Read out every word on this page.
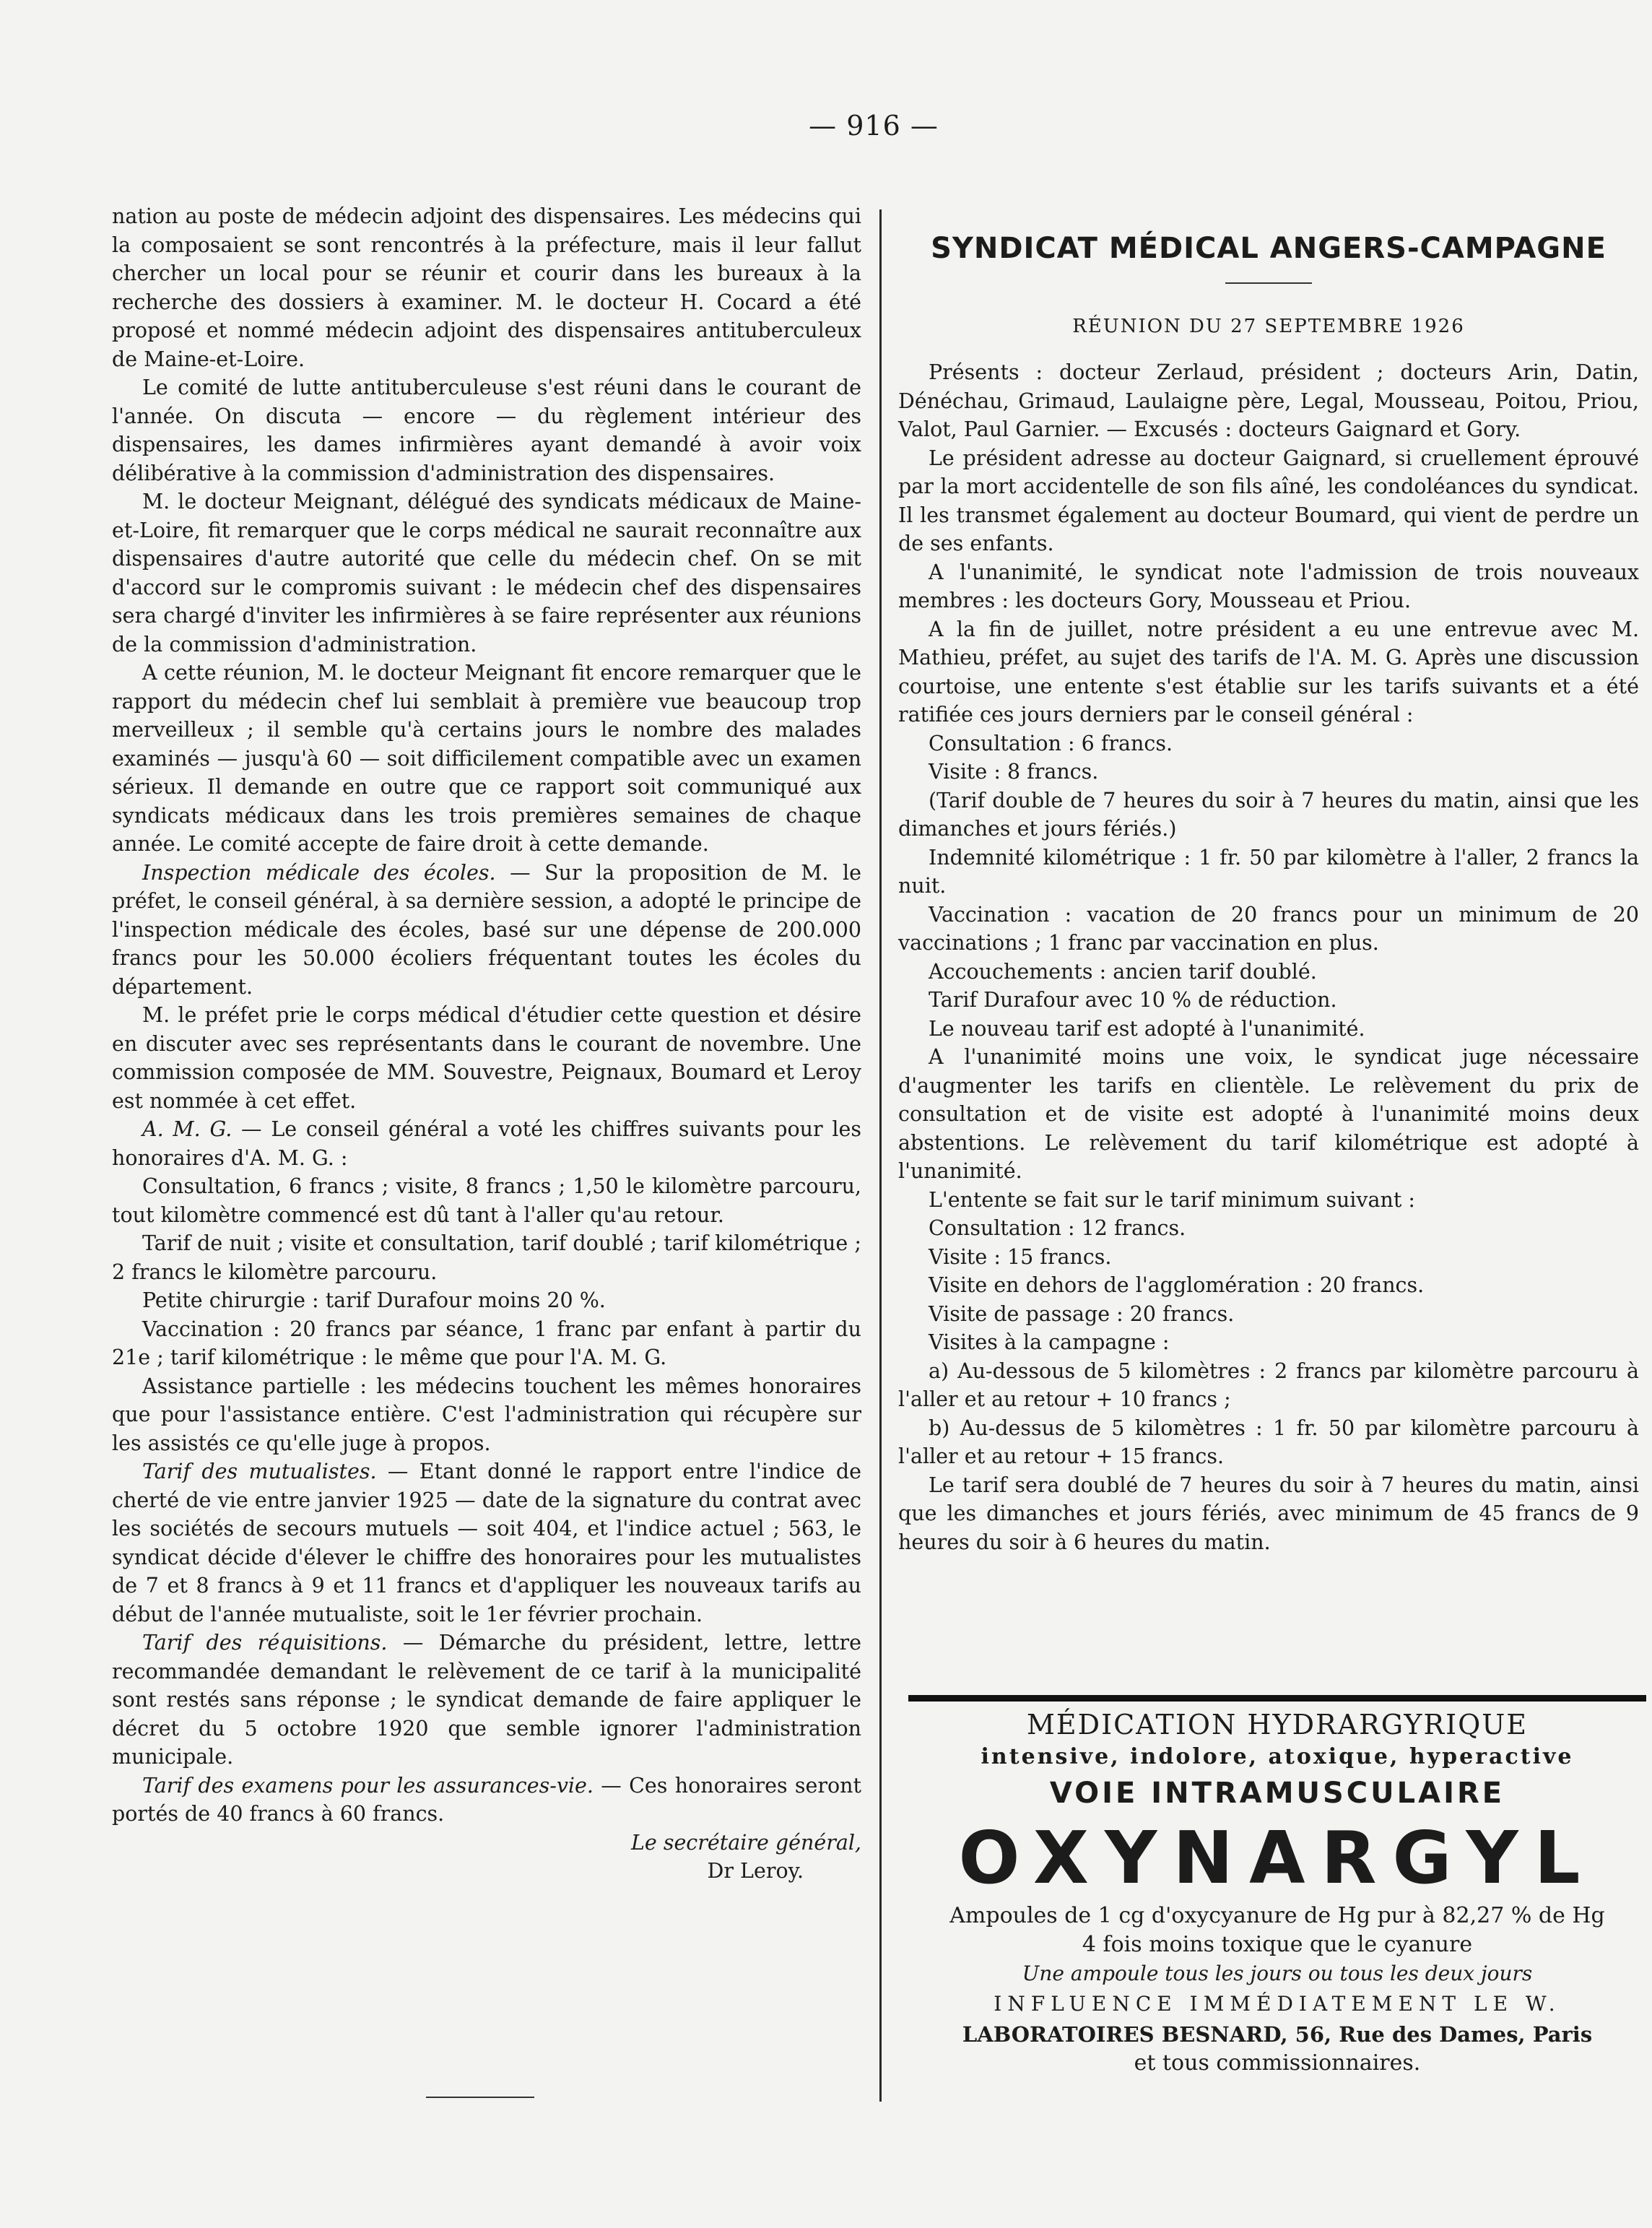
— 916 —

nation au poste de médecin adjoint des dispensaires. Les médecins qui la composaient se sont rencontrés à la préfecture, mais il leur fallut chercher un local pour se réunir et courir dans les bureaux à la recherche des dossiers à examiner. M. le docteur H. Cocard a été proposé et nommé médecin adjoint des dispensaires antituberculeux de Maine-et-Loire.

Le comité de lutte antituberculeuse s'est réuni dans le courant de l'année. On discuta — encore — du règlement intérieur des dispensaires, les dames infirmières ayant demandé à avoir voix délibérative à la commission d'administration des dispensaires.

M. le docteur Meignant, délégué des syndicats médicaux de Maine-et-Loire, fit remarquer que le corps médical ne saurait reconnaître aux dispensaires d'autre autorité que celle du médecin chef. On se mit d'accord sur le compromis suivant : le médecin chef des dispensaires sera chargé d'inviter les infirmières à se faire représenter aux réunions de la commission d'administration.

A cette réunion, M. le docteur Meignant fit encore remarquer que le rapport du médecin chef lui semblait à première vue beaucoup trop merveilleux ; il semble qu'à certains jours le nombre des malades examinés — jusqu'à 60 — soit difficilement compatible avec un examen sérieux. Il demande en outre que ce rapport soit communiqué aux syndicats médicaux dans les trois premières semaines de chaque année. Le comité accepte de faire droit à cette demande.

Inspection médicale des écoles. — Sur la proposition de M. le préfet, le conseil général, à sa dernière session, a adopté le principe de l'inspection médicale des écoles, basé sur une dépense de 200.000 francs pour les 50.000 écoliers fréquentant toutes les écoles du département.

M. le préfet prie le corps médical d'étudier cette question et désire en discuter avec ses représentants dans le courant de novembre. Une commission composée de MM. Souvestre, Peignaux, Boumard et Leroy est nommée à cet effet.

A. M. G. — Le conseil général a voté les chiffres suivants pour les honoraires d'A. M. G. :

Consultation, 6 francs ; visite, 8 francs ; 1,50 le kilomètre parcouru, tout kilomètre commencé est dû tant à l'aller qu'au retour.

Tarif de nuit ; visite et consultation, tarif doublé ; tarif kilométrique ; 2 francs le kilomètre parcouru.

Petite chirurgie : tarif Durafour moins 20 %.

Vaccination : 20 francs par séance, 1 franc par enfant à partir du 21e ; tarif kilométrique : le même que pour l'A. M. G.

Assistance partielle : les médecins touchent les mêmes honoraires que pour l'assistance entière. C'est l'administration qui récupère sur les assistés ce qu'elle juge à propos.

Tarif des mutualistes. — Etant donné le rapport entre l'indice de cherté de vie entre janvier 1925 — date de la signature du contrat avec les sociétés de secours mutuels — soit 404, et l'indice actuel ; 563, le syndicat décide d'élever le chiffre des honoraires pour les mutualistes de 7 et 8 francs à 9 et 11 francs et d'appliquer les nouveaux tarifs au début de l'année mutualiste, soit le 1er février prochain.

Tarif des réquisitions. — Démarche du président, lettre, lettre recommandée demandant le relèvement de ce tarif à la municipalité sont restés sans réponse ; le syndicat demande de faire appliquer le décret du 5 octobre 1920 que semble ignorer l'administration municipale.

Tarif des examens pour les assurances-vie. — Ces honoraires seront portés de 40 francs à 60 francs.

Le secrétaire général,

Dr Leroy.

SYNDICAT MÉDICAL ANGERS-CAMPAGNE
RÉUNION DU 27 SEPTEMBRE 1926

Présents : docteur Zerlaud, président ; docteurs Arin, Datin, Dénéchau, Grimaud, Laulaigne père, Legal, Mousseau, Poitou, Priou, Valot, Paul Garnier. — Excusés : docteurs Gaignard et Gory.

Le président adresse au docteur Gaignard, si cruellement éprouvé par la mort accidentelle de son fils aîné, les condoléances du syndicat. Il les transmet également au docteur Boumard, qui vient de perdre un de ses enfants.

A l'unanimité, le syndicat note l'admission de trois nouveaux membres : les docteurs Gory, Mousseau et Priou.

A la fin de juillet, notre président a eu une entrevue avec M. Mathieu, préfet, au sujet des tarifs de l'A. M. G. Après une discussion courtoise, une entente s'est établie sur les tarifs suivants et a été ratifiée ces jours derniers par le conseil général :

Consultation : 6 francs.

Visite : 8 francs.

(Tarif double de 7 heures du soir à 7 heures du matin, ainsi que les dimanches et jours fériés.)

Indemnité kilométrique : 1 fr. 50 par kilomètre à l'aller, 2 francs la nuit.

Vaccination : vacation de 20 francs pour un minimum de 20 vaccinations ; 1 franc par vaccination en plus.

Accouchements : ancien tarif doublé.

Tarif Durafour avec 10 % de réduction.

Le nouveau tarif est adopté à l'unanimité.

A l'unanimité moins une voix, le syndicat juge nécessaire d'augmenter les tarifs en clientèle. Le relèvement du prix de consultation et de visite est adopté à l'unanimité moins deux abstentions. Le relèvement du tarif kilométrique est adopté à l'unanimité.

L'entente se fait sur le tarif minimum suivant :

Consultation : 12 francs.

Visite : 15 francs.

Visite en dehors de l'agglomération : 20 francs.

Visite de passage : 20 francs.

Visites à la campagne :

a) Au-dessous de 5 kilomètres : 2 francs par kilomètre parcouru à l'aller et au retour + 10 francs ;

b) Au-dessus de 5 kilomètres : 1 fr. 50 par kilomètre parcouru à l'aller et au retour + 15 francs.

Le tarif sera doublé de 7 heures du soir à 7 heures du matin, ainsi que les dimanches et jours fériés, avec minimum de 45 francs de 9 heures du soir à 6 heures du matin.

MÉDICATION HYDRARGYRIQUE
intensive, indolore, atoxique, hyperactive
VOIE INTRAMUSCULAIRE
OXYNARGYL
Ampoules de 1 cg d'oxycyanure de Hg pur à 82,27 % de Hg
4 fois moins toxique que le cyanure
Une ampoule tous les jours ou tous les deux jours
INFLUENCE IMMÉDIATEMENT LE W.
LABORATOIRES BESNARD, 56, Rue des Dames, Paris
et tous commissionnaires.
